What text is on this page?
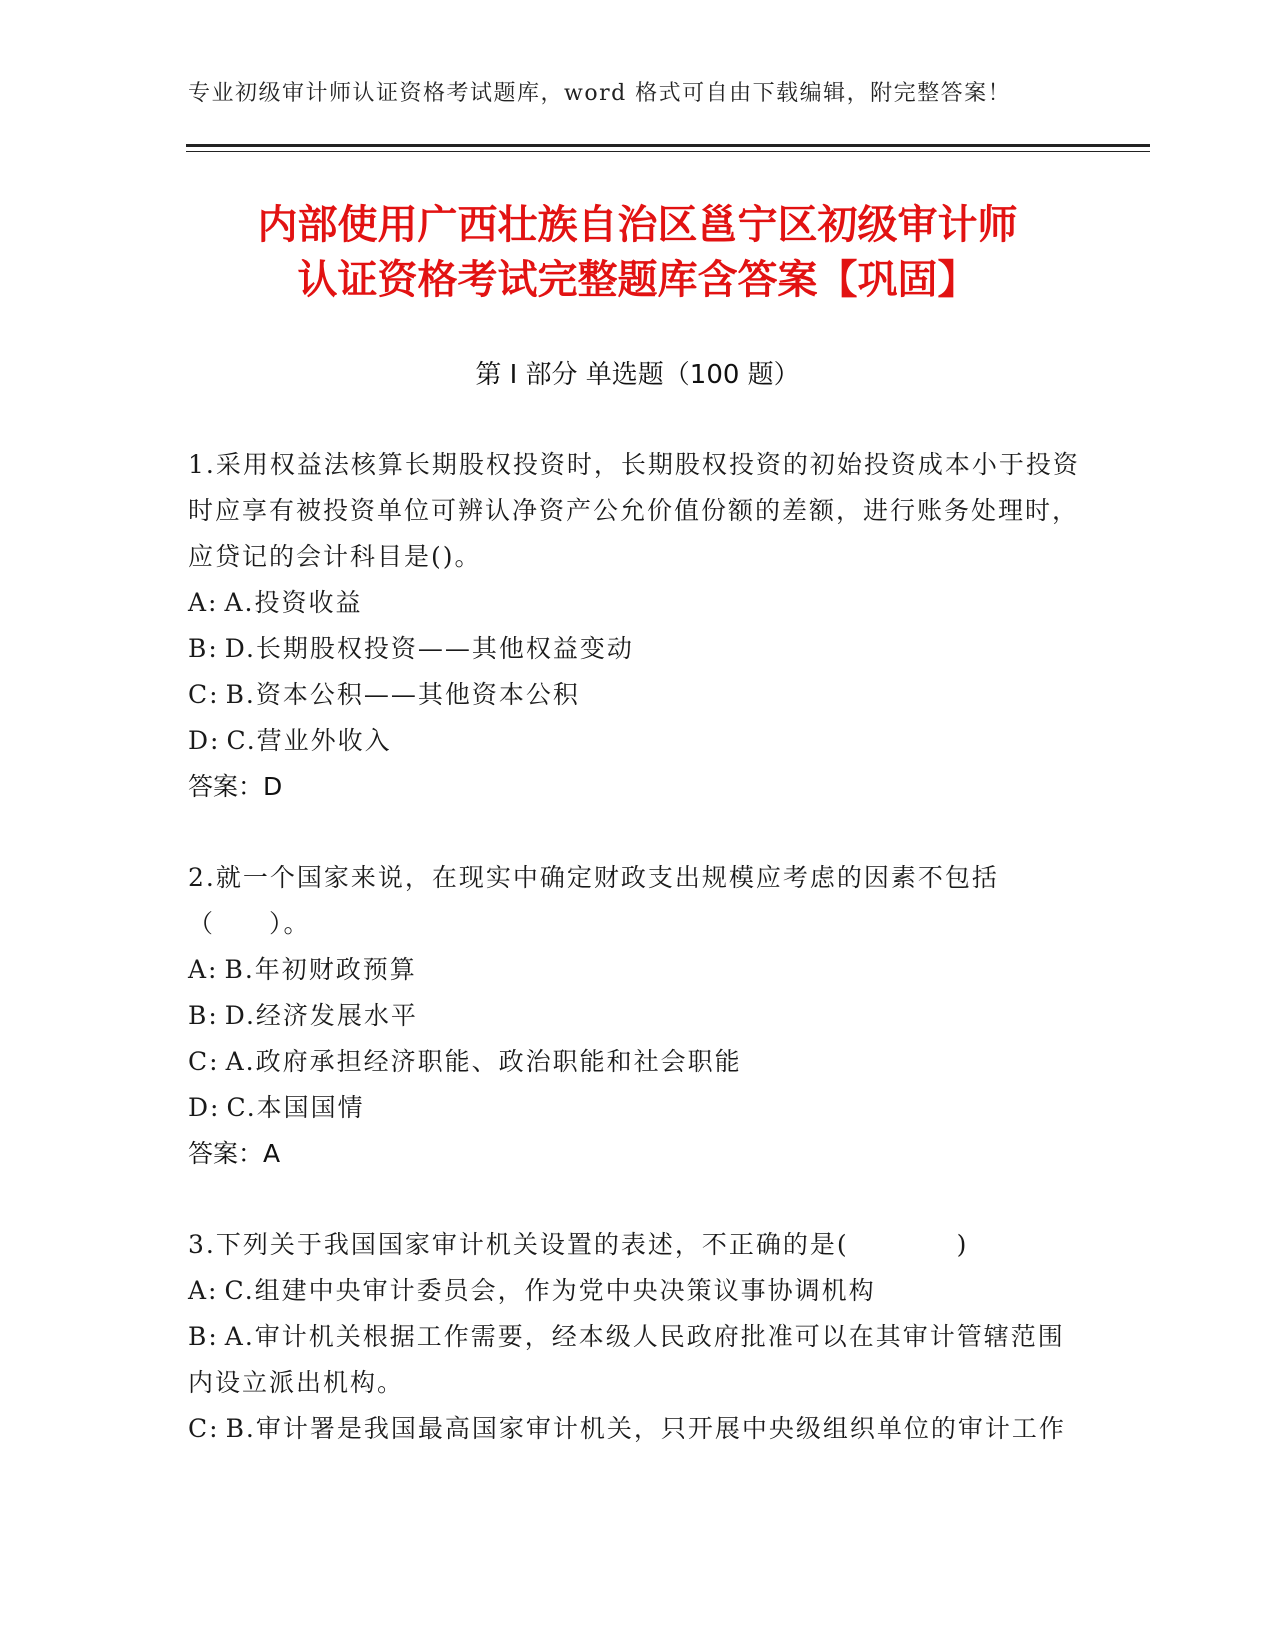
专业初级审计师认证资格考试题库，word 格式可自由下载编辑，附完整答案！
内部使用广西壮族自治区邕宁区初级审计师
认证资格考试完整题库含答案【巩固】
第 I 部分 单选题（100 题）
1.采用权益法核算长期股权投资时，长期股权投资的初始投资成本小于投资时应享有被投资单位可辨认净资产公允价值份额的差额，进行账务处理时，应贷记的会计科目是()。
A: A.投资收益
B: D.长期股权投资——其他权益变动
C: B.资本公积——其他资本公积
D: C.营业外收入
答案：D
2.就一个国家来说，在现实中确定财政支出规模应考虑的因素不包括（　　）。
A: B.年初财政预算
B: D.经济发展水平
C: A.政府承担经济职能、政治职能和社会职能
D: C.本国国情
答案：A
3.下列关于我国国家审计机关设置的表述，不正确的是(　　　　)
A: C.组建中央审计委员会，作为党中央决策议事协调机构
B: A.审计机关根据工作需要，经本级人民政府批准可以在其审计管辖范围内设立派出机构。
C: B.审计署是我国最高国家审计机关，只开展中央级组织单位的审计工作
